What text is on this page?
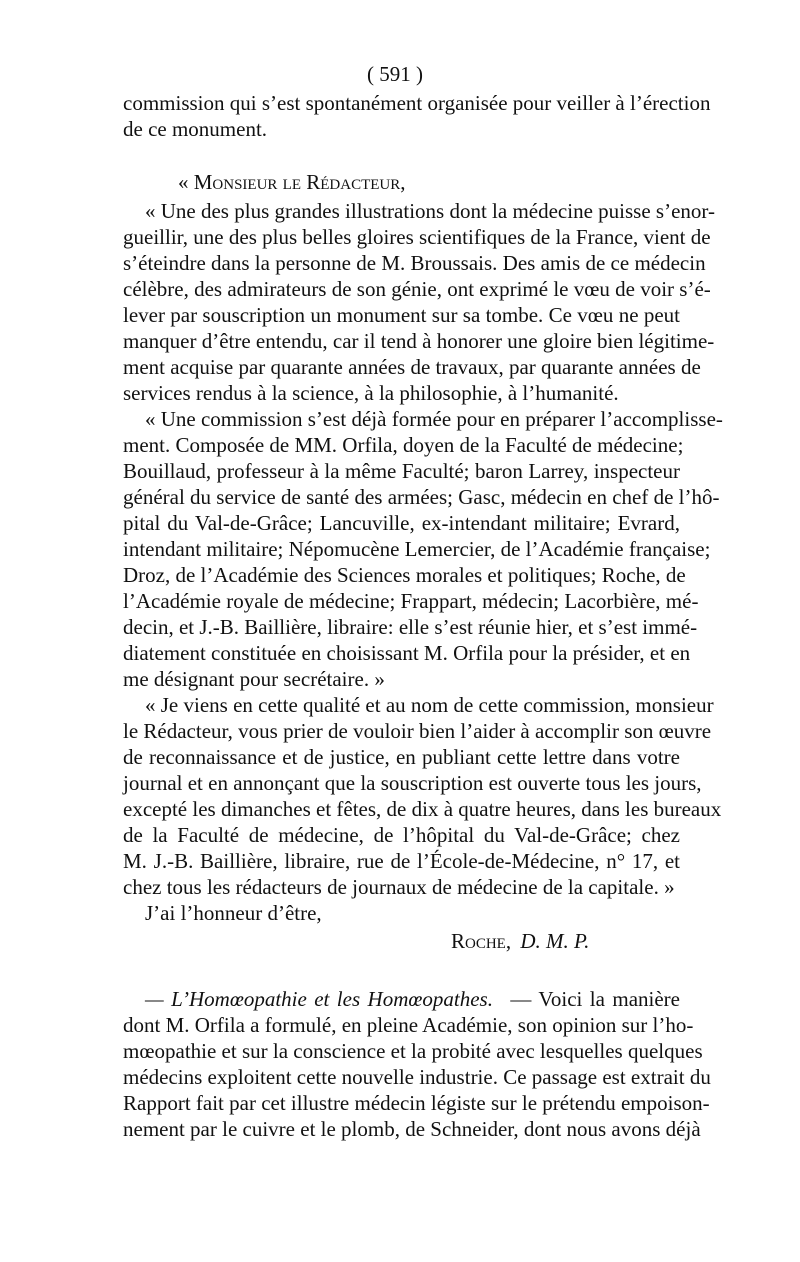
( 591 )
commission qui s’est spontanément organisée pour veiller à l’érection
de ce monument.
« Monsieur le Rédacteur,
« Une des plus grandes illustrations dont la médecine puisse s’enor-
gueillir, une des plus belles gloires scientifiques de la France, vient de
s’éteindre dans la personne de M. Broussais. Des amis de ce médecin
célèbre, des admirateurs de son génie, ont exprimé le vœu de voir s’é-
lever par souscription un monument sur sa tombe. Ce vœu ne peut
manquer d’être entendu, car il tend à honorer une gloire bien légitime-
ment acquise par quarante années de travaux, par quarante années de
services rendus à la science, à la philosophie, à l’humanité.
« Une commission s’est déjà formée pour en préparer l’accomplisse-
ment. Composée de MM. Orfila, doyen de la Faculté de médecine;
Bouillaud, professeur à la même Faculté; baron Larrey, inspecteur
général du service de santé des armées; Gasc, médecin en chef de l’hô-
pital du Val-de-Grâce; Lancuville, ex-intendant militaire; Evrard,
intendant militaire; Népomucène Lemercier, de l’Académie française;
Droz, de l’Académie des Sciences morales et politiques; Roche, de
l’Académie royale de médecine; Frappart, médecin; Lacorbière, mé-
decin, et J.-B. Baillière, libraire: elle s’est réunie hier, et s’est immé-
diatement constituée en choisissant M. Orfila pour la présider, et en
me désignant pour secrétaire. »
« Je viens en cette qualité et au nom de cette commission, monsieur
le Rédacteur, vous prier de vouloir bien l’aider à accomplir son œuvre
de reconnaissance et de justice, en publiant cette lettre dans votre
journal et en annonçant que la souscription est ouverte tous les jours,
excepté les dimanches et fêtes, de dix à quatre heures, dans les bureaux
de la Faculté de médecine, de l’hôpital du Val-de-Grâce; chez
M. J.-B. Baillière, libraire, rue de l’École-de-Médecine, n° 17, et
chez tous les rédacteurs de journaux de médecine de la capitale. »
J’ai l’honneur d’être,
Roche, D. M. P.
— L’Homœopathie et les Homœopathes. — Voici la manière
dont M. Orfila a formulé, en pleine Académie, son opinion sur l’ho-
mœopathie et sur la conscience et la probité avec lesquelles quelques
médecins exploitent cette nouvelle industrie. Ce passage est extrait du
Rapport fait par cet illustre médecin légiste sur le prétendu empoison-
nement par le cuivre et le plomb, de Schneider, dont nous avons déjà
